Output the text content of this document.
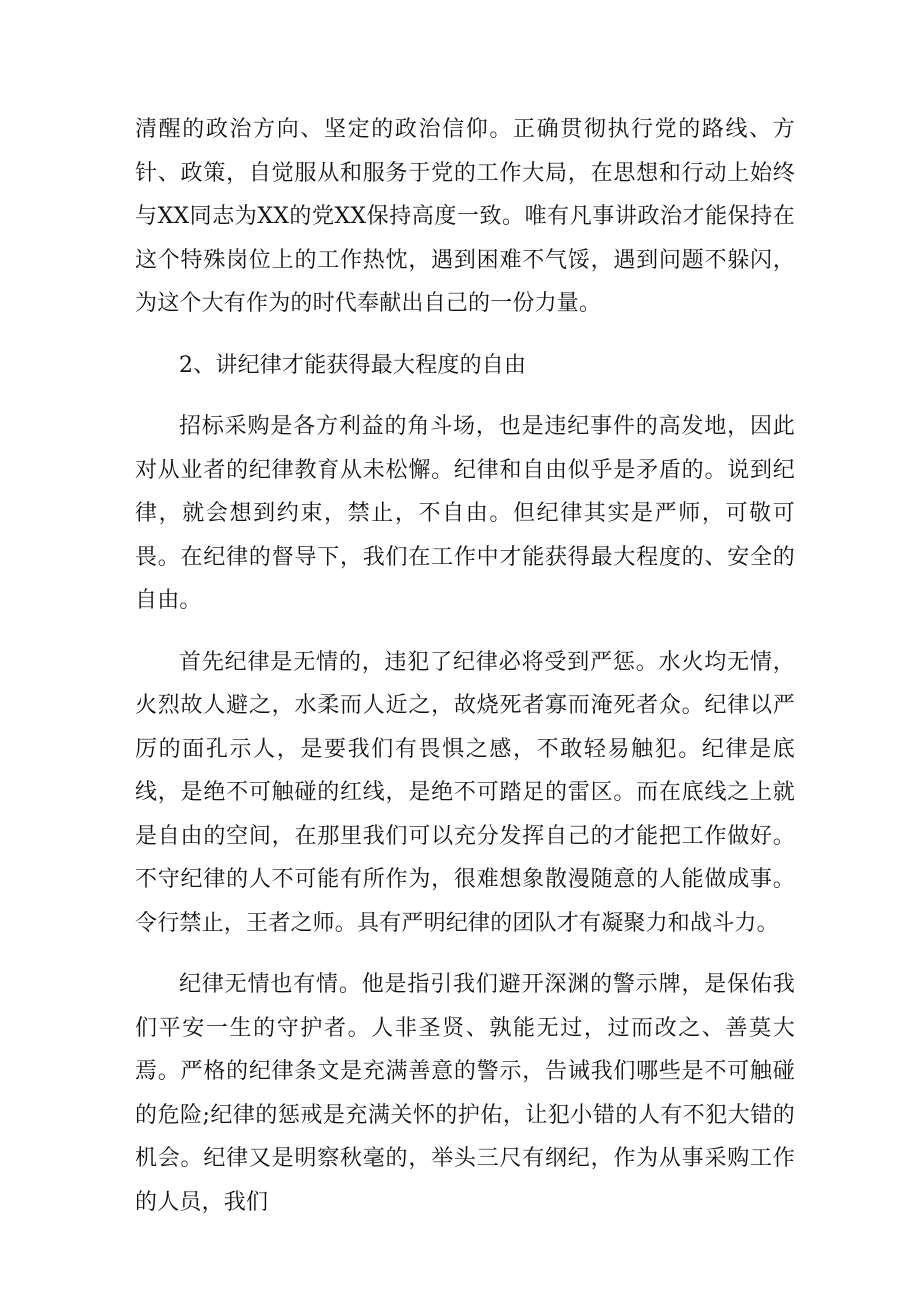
清醒的政治方向、坚定的政治信仰。正确贯彻执行党的路线、方针、政策，自觉服从和服务于党的工作大局，在思想和行动上始终与XX同志为XX的党XX保持高度一致。唯有凡事讲政治才能保持在这个特殊岗位上的工作热忱，遇到困难不气馁，遇到问题不躲闪，为这个大有作为的时代奉献出自己的一份力量。

2、讲纪律才能获得最大程度的自由

招标采购是各方利益的角斗场，也是违纪事件的高发地，因此对从业者的纪律教育从未松懈。纪律和自由似乎是矛盾的。说到纪律，就会想到约束，禁止，不自由。但纪律其实是严师，可敬可畏。在纪律的督导下，我们在工作中才能获得最大程度的、安全的自由。

首先纪律是无情的，违犯了纪律必将受到严惩。水火均无情，火烈故人避之，水柔而人近之，故烧死者寡而淹死者众。纪律以严厉的面孔示人，是要我们有畏惧之感，不敢轻易触犯。纪律是底线，是绝不可触碰的红线，是绝不可踏足的雷区。而在底线之上就是自由的空间，在那里我们可以充分发挥自己的才能把工作做好。不守纪律的人不可能有所作为，很难想象散漫随意的人能做成事。令行禁止，王者之师。具有严明纪律的团队才有凝聚力和战斗力。

纪律无情也有情。他是指引我们避开深渊的警示牌，是保佑我们平安一生的守护者。人非圣贤、孰能无过，过而改之、善莫大焉。严格的纪律条文是充满善意的警示，告诫我们哪些是不可触碰的危险;纪律的惩戒是充满关怀的护佑，让犯小错的人有不犯大错的机会。纪律又是明察秋毫的，举头三尺有纲纪，作为从事采购工作的人员，我们
